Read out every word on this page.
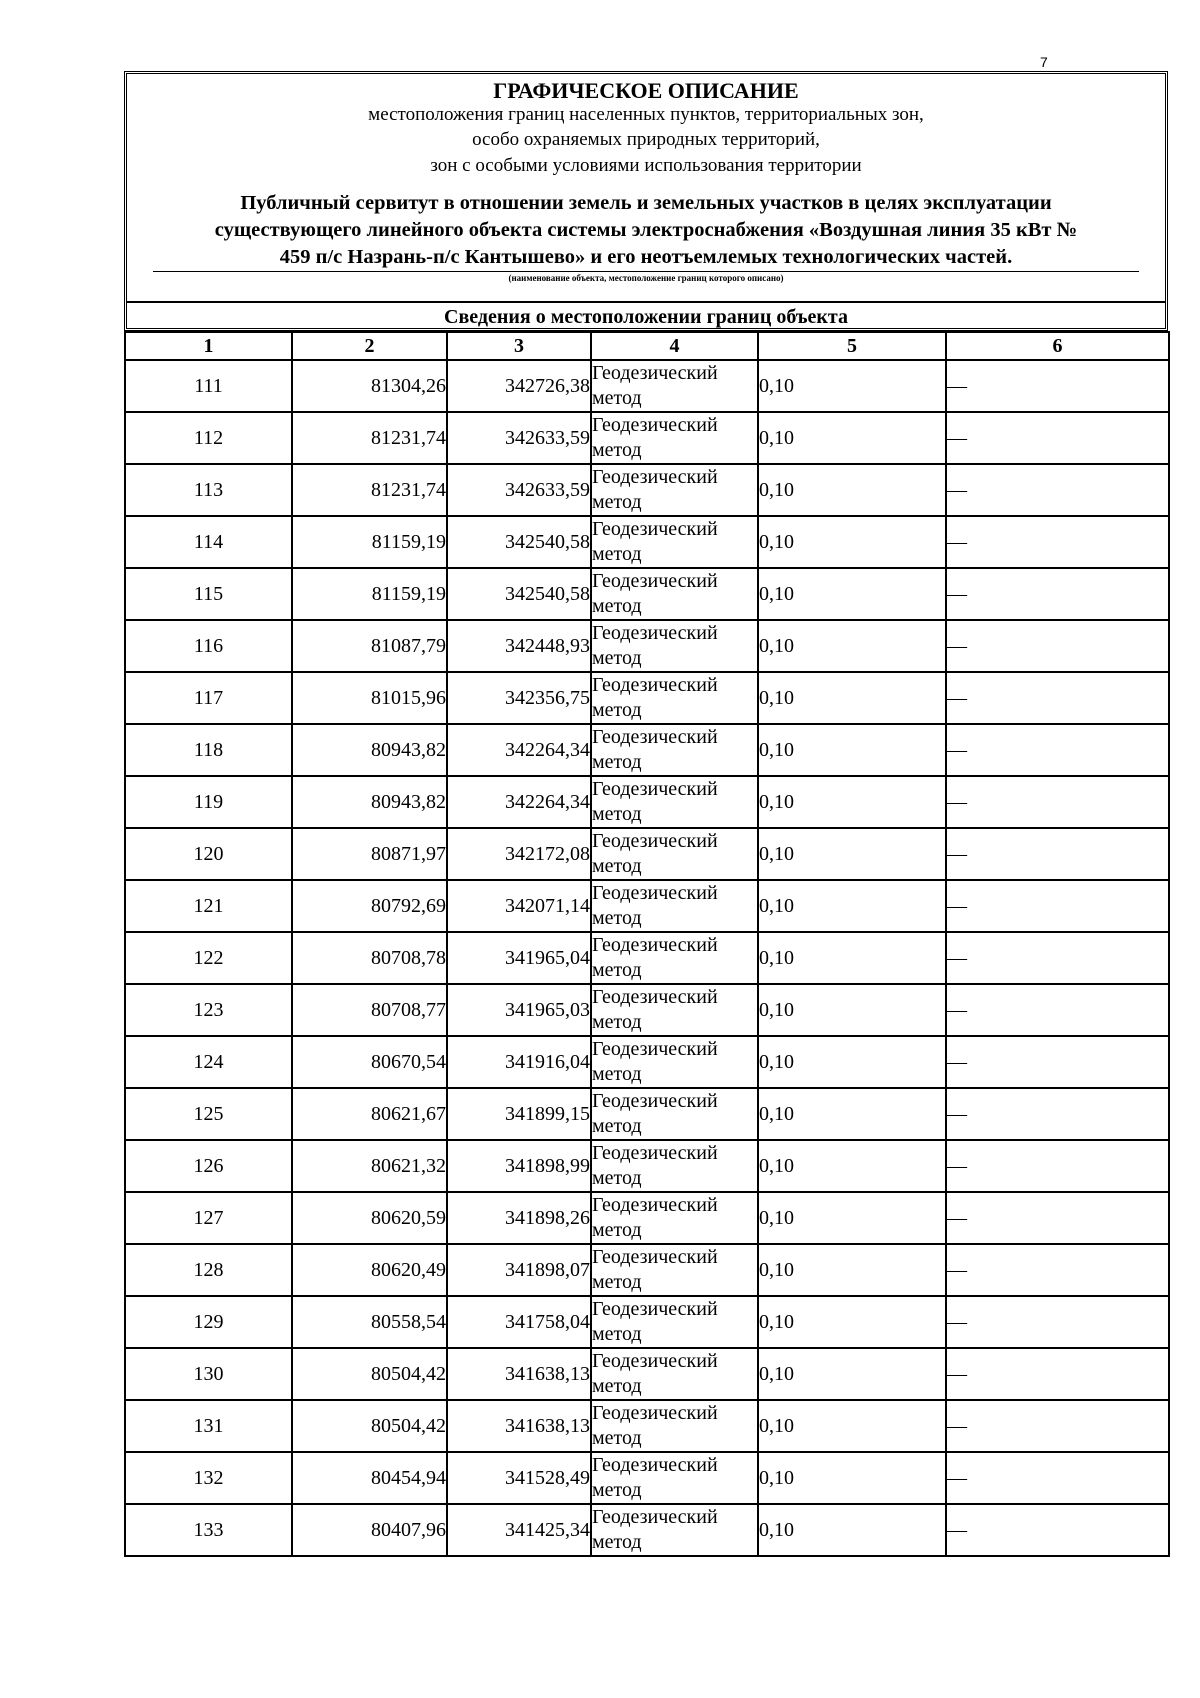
7
ГРАФИЧЕСКОЕ ОПИСАНИЕ
местоположения границ населенных пунктов, территориальных зон,
особо охраняемых природных территорий,
зон с особыми условиями использования территории
Публичный сервитут в отношении земель и земельных участков в целях эксплуатации
существующего линейного объекта системы электроснабжения «Воздушная линия 35 кВт №
459 п/с Назрань-п/с Кантышево» и его неотъемлемых технологических частей.
(наименование объекта, местоположение границ которого описано)
Сведения о местоположении границ объекта
1	2	3	4	5	6
111	81304,26	342726,38	Геодезический метод	0,10	—
112	81231,74	342633,59	Геодезический метод	0,10	—
113	81231,74	342633,59	Геодезический метод	0,10	—
114	81159,19	342540,58	Геодезический метод	0,10	—
115	81159,19	342540,58	Геодезический метод	0,10	—
116	81087,79	342448,93	Геодезический метод	0,10	—
117	81015,96	342356,75	Геодезический метод	0,10	—
118	80943,82	342264,34	Геодезический метод	0,10	—
119	80943,82	342264,34	Геодезический метод	0,10	—
120	80871,97	342172,08	Геодезический метод	0,10	—
121	80792,69	342071,14	Геодезический метод	0,10	—
122	80708,78	341965,04	Геодезический метод	0,10	—
123	80708,77	341965,03	Геодезический метод	0,10	—
124	80670,54	341916,04	Геодезический метод	0,10	—
125	80621,67	341899,15	Геодезический метод	0,10	—
126	80621,32	341898,99	Геодезический метод	0,10	—
127	80620,59	341898,26	Геодезический метод	0,10	—
128	80620,49	341898,07	Геодезический метод	0,10	—
129	80558,54	341758,04	Геодезический метод	0,10	—
130	80504,42	341638,13	Геодезический метод	0,10	—
131	80504,42	341638,13	Геодезический метод	0,10	—
132	80454,94	341528,49	Геодезический метод	0,10	—
133	80407,96	341425,34	Геодезический метод	0,10	—
